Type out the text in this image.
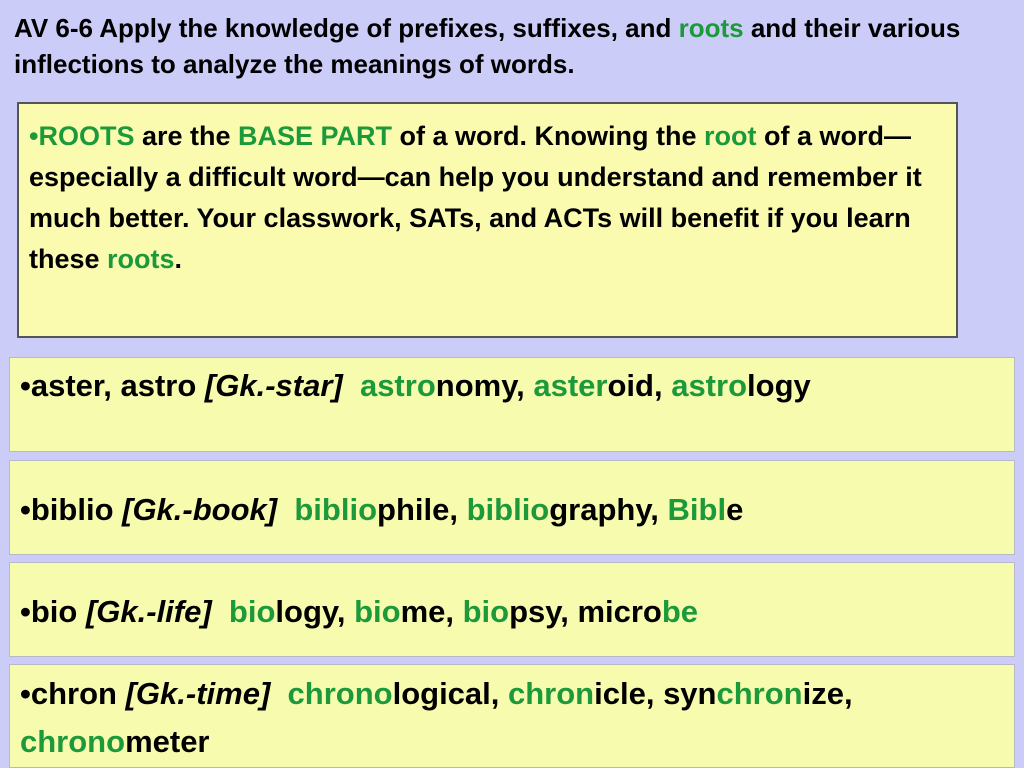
AV 6-6 Apply the knowledge of prefixes, suffixes, and roots and their various inflections to analyze the meanings of words.
•ROOTS are the BASE PART of a word. Knowing the root of a word—especially a difficult word—can help you understand and remember it much better. Your classwork, SATs, and ACTs will benefit if you learn these roots.
•aster, astro [Gk.-star] astronomy, asteroid, astrology
•biblio [Gk.-book] bibliophile, bibliography, Bible
•bio [Gk.-life] biology, biome, biopsy, microbe
•chron [Gk.-time] chronological, chronicle, synchronize, chronometer
